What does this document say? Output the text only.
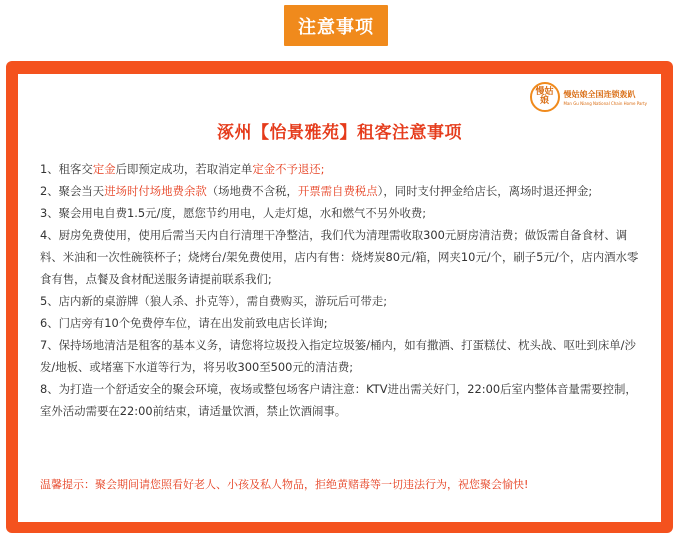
注意事项
慢姑娘
慢姑娘全国连锁轰趴
Man Gu Niang National Chain Home Party
涿州【怡景雅苑】租客注意事项

1、租客交定金后即预定成功，若取消定单定金不予退还;

2、聚会当天进场时付场地费余款（场地费不含税，开票需自费税点），同时支付押金给店长，离场时退还押金;

3、聚会用电自费1.5元/度，愿您节约用电，人走灯熄，水和燃气不另外收费;

4、厨房免费使用，使用后需当天内自行清理干净整洁，我们代为清理需收取300元厨房清洁费；做饭需自备食材、调料、米油和一次性碗筷杯子；烧烤台/架免费使用，店内有售：烧烤炭80元/箱，网夹10元/个，刷子5元/个，店内酒水零食有售，点餐及食材配送服务请提前联系我们;

5、店内新的桌游牌（狼人杀、扑克等），需自费购买，游玩后可带走;

6、门店旁有10个免费停车位，请在出发前致电店长详询;

7、保持场地清洁是租客的基本义务，请您将垃圾投入指定垃圾篓/桶内，如有撒酒、打蛋糕仗、枕头战、呕吐到床单/沙发/地板、或堵塞下水道等行为，将另收300至500元的清洁费;

8、为打造一个舒适安全的聚会环境，夜场或整包场客户请注意：KTV进出需关好门，22:00后室内整体音量需要控制，室外活动需要在22:00前结束，请适量饮酒，禁止饮酒闹事。

温馨提示：聚会期间请您照看好老人、小孩及私人物品，拒绝黄赌毒等一切违法行为，祝您聚会愉快!
